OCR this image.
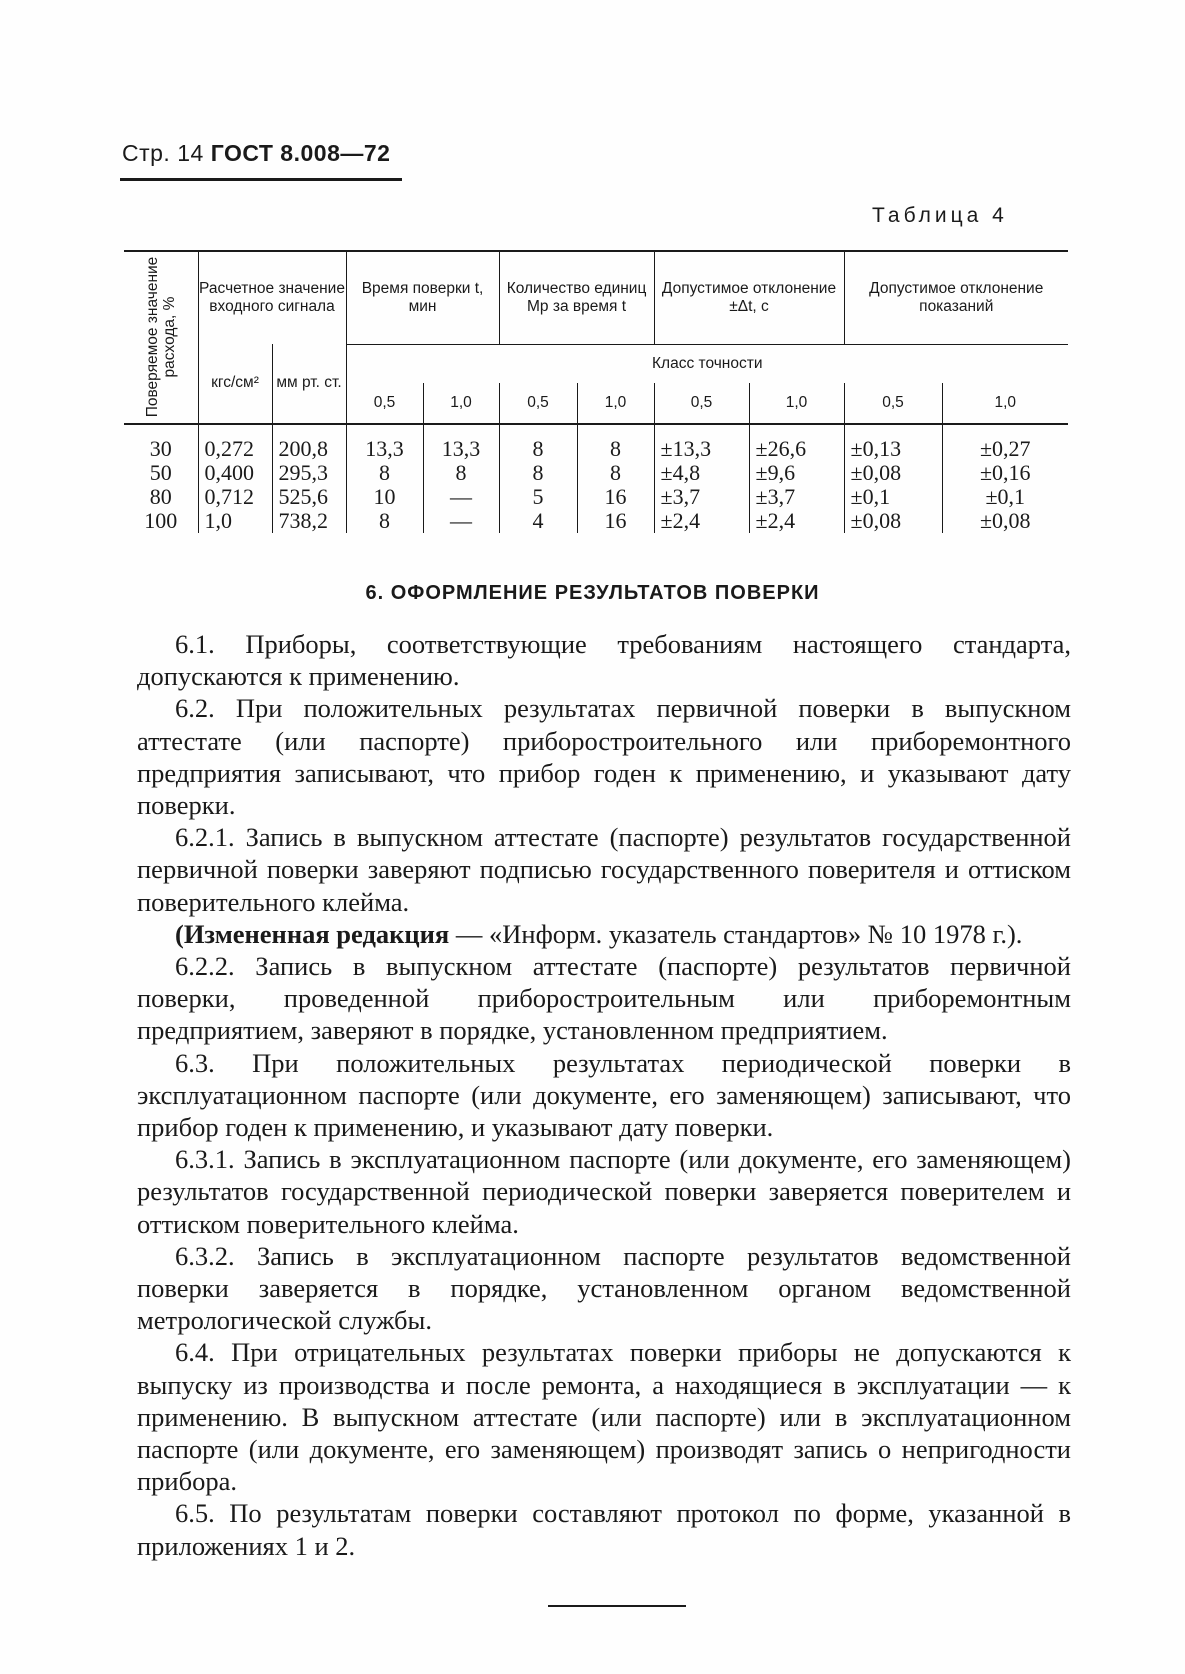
Стр. 14 ГОСТ 8.008—72
Таблица 4
Поверяемое значение расхода, %	Расчетное значение входного сигнала		Время поверки t, мин		Количество единиц Mр за время t		Допустимое отклонение ±Δt, с		Допустимое отклонение показаний	
	кгс/см²	мм рт. ст.	Класс точности							
			0,5	1,0	0,5	1,0	0,5	1,0	0,5	1,0
30	0,272	200,8	13,3	13,3	8	8	±13,3	±26,6	±0,13	±0,27
50	0,400	295,3	8	8	8	8	±4,8	±9,6	±0,08	±0,16
80	0,712	525,6	10	—	5	16	±3,7	±3,7	±0,1	±0,1
100	1,0	738,2	8	—	4	16	±2,4	±2,4	±0,08	±0,08
6. ОФОРМЛЕНИЕ РЕЗУЛЬТАТОВ ПОВЕРКИ

6.1. Приборы, соответствующие требованиям настоящего стандарта, допускаются к применению.

6.2. При положительных результатах первичной поверки в выпускном аттестате (или паспорте) приборостроительного или приборемонтного предприятия записывают, что прибор годен к применению, и указывают дату поверки.

6.2.1. Запись в выпускном аттестате (паспорте) результатов государственной первичной поверки заверяют подписью государственного поверителя и оттиском поверительного клейма.

(Измененная редакция — «Информ. указатель стандартов» № 10 1978 г.).

6.2.2. Запись в выпускном аттестате (паспорте) результатов первичной поверки, проведенной приборостроительным или приборемонтным предприятием, заверяют в порядке, установленном предприятием.

6.3. При положительных результатах периодической поверки в эксплуатационном паспорте (или документе, его заменяющем) записывают, что прибор годен к применению, и указывают дату поверки.

6.3.1. Запись в эксплуатационном паспорте (или документе, его заменяющем) результатов государственной периодической поверки заверяется поверителем и оттиском поверительного клейма.

6.3.2. Запись в эксплуатационном паспорте результатов ведомственной поверки заверяется в порядке, установленном органом ведомственной метрологической службы.

6.4. При отрицательных результатах поверки приборы не допускаются к выпуску из производства и после ремонта, а находящиеся в эксплуатации — к применению. В выпускном аттестате (или паспорте) или в эксплуатационном паспорте (или документе, его заменяющем) производят запись о непригодности прибора.

6.5. По результатам поверки составляют протокол по форме, указанной в приложениях 1 и 2.
